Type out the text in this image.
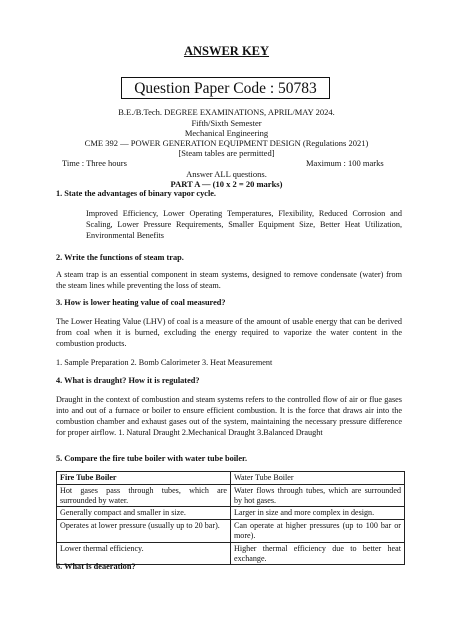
ANSWER KEY
Question Paper Code : 50783
B.E./B.Tech. DEGREE EXAMINATIONS, APRIL/MAY 2024.
Fifth/Sixth Semester
Mechanical Engineering
CME 392 — POWER GENERATION EQUIPMENT DESIGN (Regulations 2021)
[Steam tables are permitted]
Time : Three hours	Maximum : 100 marks
Answer ALL questions.
PART A — (10 x 2 = 20 marks)
1. State the advantages of binary vapor cycle.
Improved Efficiency, Lower Operating Temperatures, Flexibility, Reduced Corrosion and Scaling, Lower Pressure Requirements, Smaller Equipment Size, Better Heat Utilization, Environmental Benefits
2. Write the functions of steam trap.
A steam trap is an essential component in steam systems, designed to remove condensate (water) from the steam lines while preventing the loss of steam.
3. How is lower heating value of coal measured?
The Lower Heating Value (LHV) of coal is a measure of the amount of usable energy that can be derived from coal when it is burned, excluding the energy required to vaporize the water content in the combustion products.
1. Sample Preparation 2. Bomb Calorimeter 3. Heat Measurement
4. What is draught? How it is regulated?
Draught in the context of combustion and steam systems refers to the controlled flow of air or flue gases into and out of a furnace or boiler to ensure efficient combustion. It is the force that draws air into the combustion chamber and exhaust gases out of the system, maintaining the necessary pressure difference for proper airflow. 1. Natural Draught 2.Mechanical Draught 3.Balanced Draught
5. Compare the fire tube boiler with water tube boiler.
Fire Tube Boiler	Water Tube Boiler
Hot gases pass through tubes, which are surrounded by water.	Water flows through tubes, which are surrounded by hot gases.
Generally compact and smaller in size.	Larger in size and more complex in design.
Operates at lower pressure (usually up to 20 bar).	Can operate at higher pressures (up to 100 bar or more).
Lower thermal efficiency.	Higher thermal efficiency due to better heat exchange.
6. What is deaeration?
